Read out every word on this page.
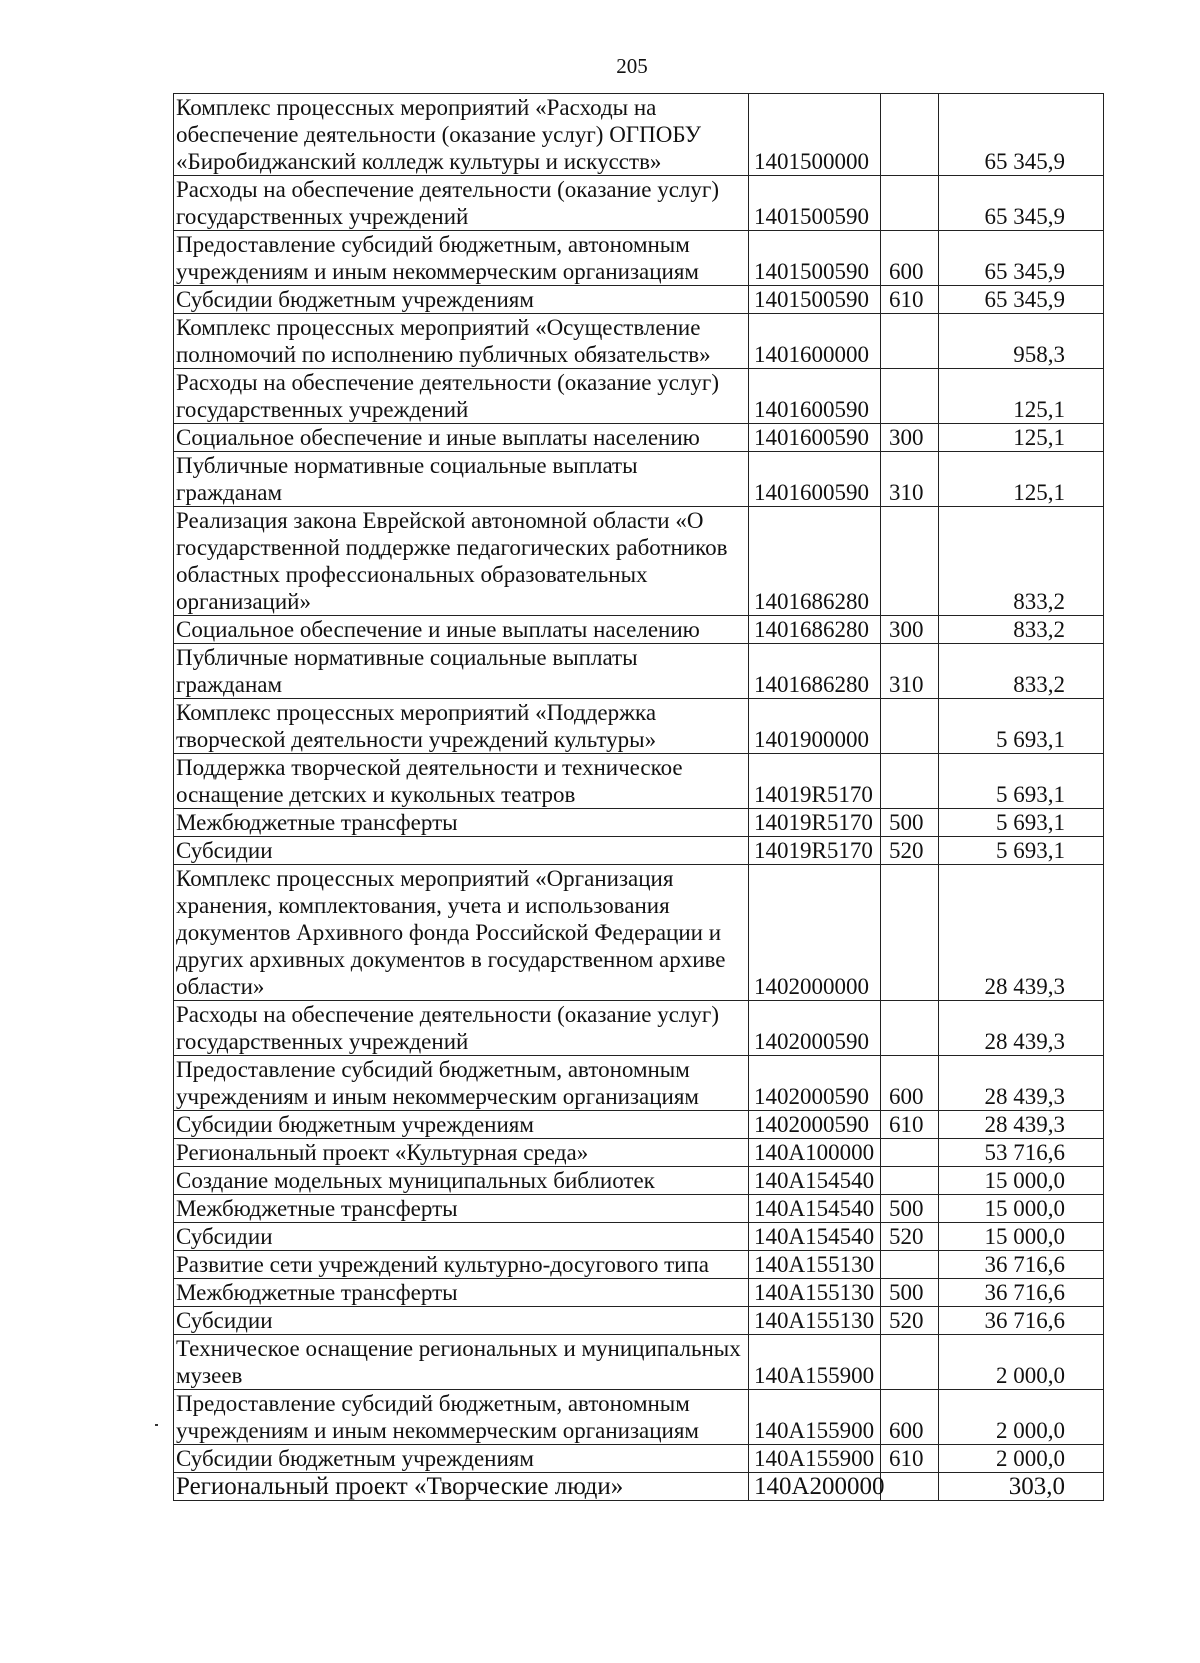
205
Комплекс процессных мероприятий «Расходы на обеспечение деятельности (оказание услуг) ОГПОБУ «Биробиджанский колледж культуры и искусств»	1401500000		65 345,9
Расходы на обеспечение деятельности (оказание услуг) государственных учреждений	1401500590		65 345,9
Предоставление субсидий бюджетным, автономным учреждениям и иным некоммерческим организациям	1401500590	600	65 345,9
Субсидии бюджетным учреждениям	1401500590	610	65 345,9
Комплекс процессных мероприятий «Осуществление полномочий по исполнению публичных обязательств»	1401600000		958,3
Расходы на обеспечение деятельности (оказание услуг) государственных учреждений	1401600590		125,1
Социальное обеспечение и иные выплаты населению	1401600590	300	125,1
Публичные нормативные социальные выплаты гражданам	1401600590	310	125,1
Реализация закона Еврейской автономной области «О государственной поддержке педагогических работников областных профессиональных образовательных организаций»	1401686280		833,2
Социальное обеспечение и иные выплаты населению	1401686280	300	833,2
Публичные нормативные социальные выплаты гражданам	1401686280	310	833,2
Комплекс процессных мероприятий «Поддержка творческой деятельности учреждений культуры»	1401900000		5 693,1
Поддержка творческой деятельности и техническое оснащение детских и кукольных театров	14019R5170		5 693,1
Межбюджетные трансферты	14019R5170	500	5 693,1
Субсидии	14019R5170	520	5 693,1
Комплекс процессных мероприятий «Организация хранения, комплектования, учета и использования документов Архивного фонда Российской Федерации и других архивных документов в государственном архиве области»	1402000000		28 439,3
Расходы на обеспечение деятельности (оказание услуг) государственных учреждений	1402000590		28 439,3
Предоставление субсидий бюджетным, автономным учреждениям и иным некоммерческим организациям	1402000590	600	28 439,3
Субсидии бюджетным учреждениям	1402000590	610	28 439,3
Региональный проект «Культурная среда»	140A100000		53 716,6
Создание модельных муниципальных библиотек	140A154540		15 000,0
Межбюджетные трансферты	140A154540	500	15 000,0
Субсидии	140A154540	520	15 000,0
Развитие сети учреждений культурно-досугового типа	140A155130		36 716,6
Межбюджетные трансферты	140A155130	500	36 716,6
Субсидии	140A155130	520	36 716,6
Техническое оснащение региональных и муниципальных музеев	140A155900		2 000,0
Предоставление субсидий бюджетным, автономным учреждениям и иным некоммерческим организациям	140A155900	600	2 000,0
Субсидии бюджетным учреждениям	140A155900	610	2 000,0
Региональный проект «Творческие люди»	140A200000		303,0
